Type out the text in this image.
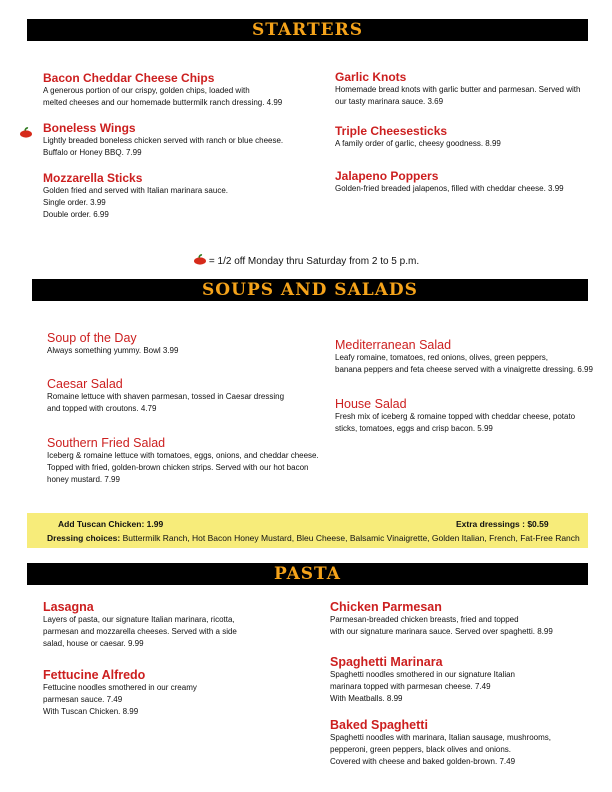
STARTERS
Bacon Cheddar Cheese Chips
A generous portion of our crispy, golden chips, loaded with
melted cheeses and our homemade buttermilk ranch dressing. 4.99
Boneless Wings
Lightly breaded boneless chicken served with ranch or blue cheese.
Buffalo or Honey BBQ. 7.99
Mozzarella Sticks
Golden fried and served with Italian marinara sauce.
Single order. 3.99
Double order. 6.99
Garlic Knots
Homemade bread knots with garlic butter and parmesan. Served with
our tasty marinara sauce. 3.69
Triple Cheesesticks
A family order of garlic, cheesy goodness. 8.99
Jalapeno Poppers
Golden-fried breaded jalapenos, filled with cheddar cheese. 3.99
= 1/2 off Monday thru Saturday from 2 to 5 p.m.
SOUPS AND SALADS
Soup of the Day
Always something yummy. Bowl 3.99
Caesar Salad
Romaine lettuce with shaven parmesan, tossed in Caesar dressing
and topped with croutons. 4.79
Southern Fried Salad
Iceberg & romaine lettuce with tomatoes, eggs, onions, and cheddar cheese.
Topped with fried, golden-brown chicken strips. Served with our hot bacon
honey mustard. 7.99
Mediterranean Salad
Leafy romaine, tomatoes, red onions, olives, green peppers,
banana peppers and feta cheese served with a vinaigrette dressing. 6.99
House Salad
Fresh mix of iceberg & romaine topped with cheddar cheese, potato
sticks, tomatoes, eggs and crisp bacon. 5.99
Add Tuscan Chicken: 1.99	Extra dressings : $0.59
Dressing choices: Buttermilk Ranch, Hot Bacon Honey Mustard, Bleu Cheese, Balsamic Vinaigrette, Golden Italian, French, Fat-Free Ranch
PASTA
Lasagna
Layers of pasta, our signature Italian marinara, ricotta,
parmesan and mozzarella cheeses. Served with a side
salad, house or caesar. 9.99
Fettucine Alfredo
Fettucine noodles smothered in our creamy
parmesan sauce. 7.49
With Tuscan Chicken. 8.99
Chicken Parmesan
Parmesan-breaded chicken breasts, fried and topped
with our signature marinara sauce. Served over spaghetti. 8.99
Spaghetti Marinara
Spaghetti noodles smothered in our signature Italian
marinara topped with parmesan cheese. 7.49
With Meatballs. 8.99
Baked Spaghetti
Spaghetti noodles with marinara, Italian sausage, mushrooms,
pepperoni, green peppers, black olives and onions.
Covered with cheese and baked golden-brown. 7.49
